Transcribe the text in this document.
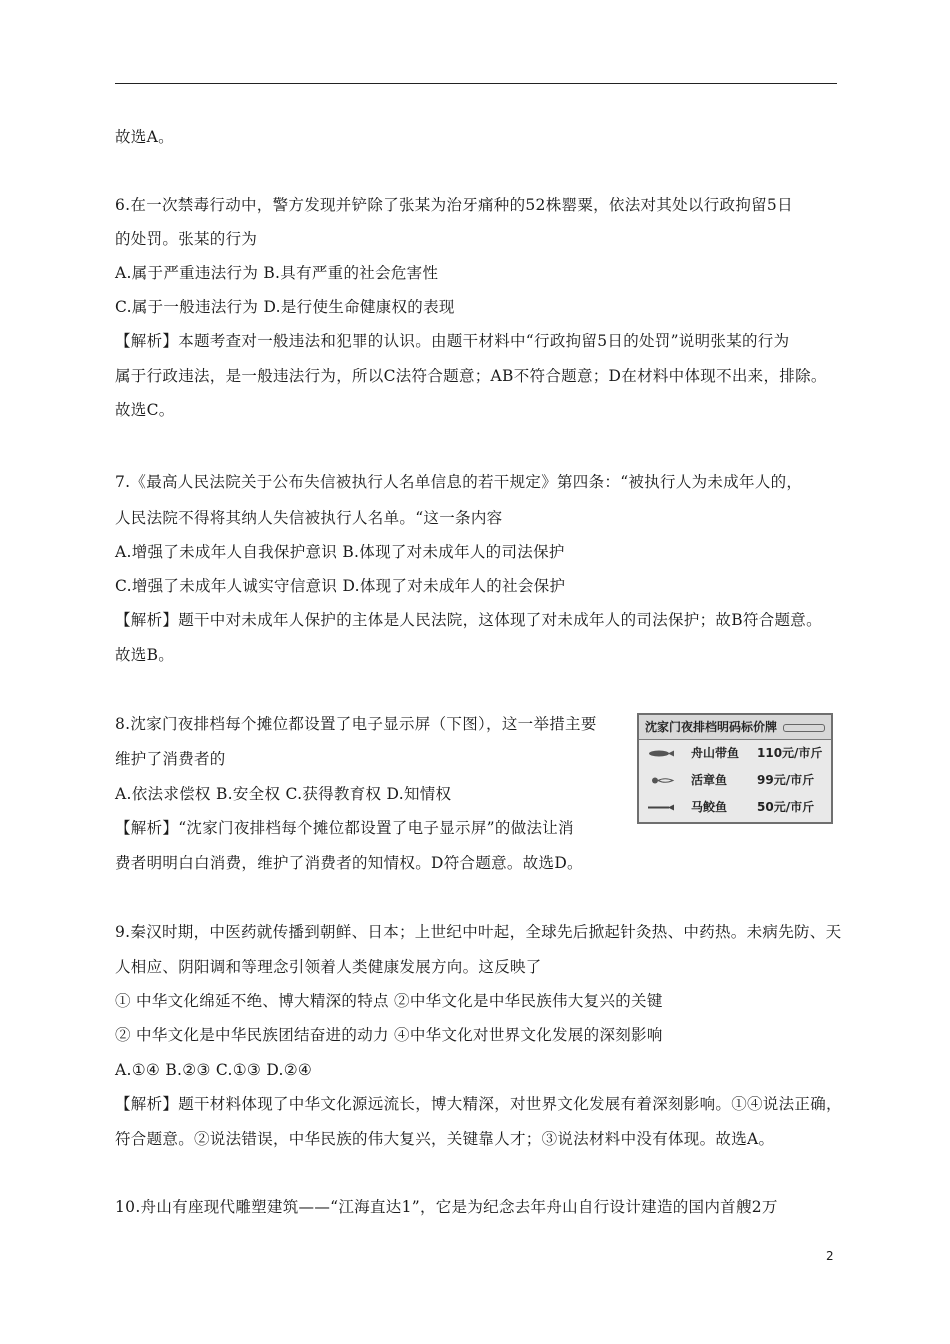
故选A。
6.在一次禁毒行动中，警方发现并铲除了张某为治牙痛种的52株罂粟，依法对其处以行政拘留5日
的处罚。张某的行为
A.属于严重违法行为 B.具有严重的社会危害性
C.属于一般违法行为 D.是行使生命健康权的表现
【解析】本题考查对一般违法和犯罪的认识。由题干材料中“行政拘留5日的处罚”说明张某的行为
属于行政违法，是一般违法行为，所以C法符合题意；AB不符合题意；D在材料中体现不出来，排除。
故选C。
7.《最高人民法院关于公布失信被执行人名单信息的若干规定》第四条：“被执行人为未成年人的，
人民法院不得将其纳人失信被执行人名单。“这一条内容
A.增强了未成年人自我保护意识 B.体现了对未成年人的司法保护
C.增强了未成年人诚实守信意识 D.体现了对未成年人的社会保护
【解析】题干中对未成年人保护的主体是人民法院，这体现了对未成年人的司法保护；故B符合题意。
故选B。
8.沈家门夜排档每个摊位都设置了电子显示屏（下图），这一举措主要
维护了消费者的
A.依法求偿权 B.安全权 C.获得教育权 D.知情权
【解析】“沈家门夜排档每个摊位都设置了电子显示屏”的做法让消
费者明明白白消费，维护了消费者的知情权。D符合题意。故选D。
沈家门夜排档明码标价牌
舟山带鱼 110元/市斤
活章鱼 99元/市斤
马鲛鱼 50元/市斤
9.秦汉时期，中医药就传播到朝鲜、日本；上世纪中叶起，全球先后掀起针灸热、中药热。未病先防、天
人相应、阴阳调和等理念引领着人类健康发展方向。这反映了
① 中华文化绵延不绝、博大精深的特点 ②中华文化是中华民族伟大复兴的关键
② 中华文化是中华民族团结奋进的动力 ④中华文化对世界文化发展的深刻影响
A.①④ B.②③ C.①③ D.②④
【解析】题干材料体现了中华文化源远流长，博大精深，对世界文化发展有着深刻影响。①④说法正确，
符合题意。②说法错误，中华民族的伟大复兴，关键靠人才；③说法材料中没有体现。故选A。
10.舟山有座现代雕塑建筑——“江海直达1”，它是为纪念去年舟山自行设计建造的国内首艘2万
2
